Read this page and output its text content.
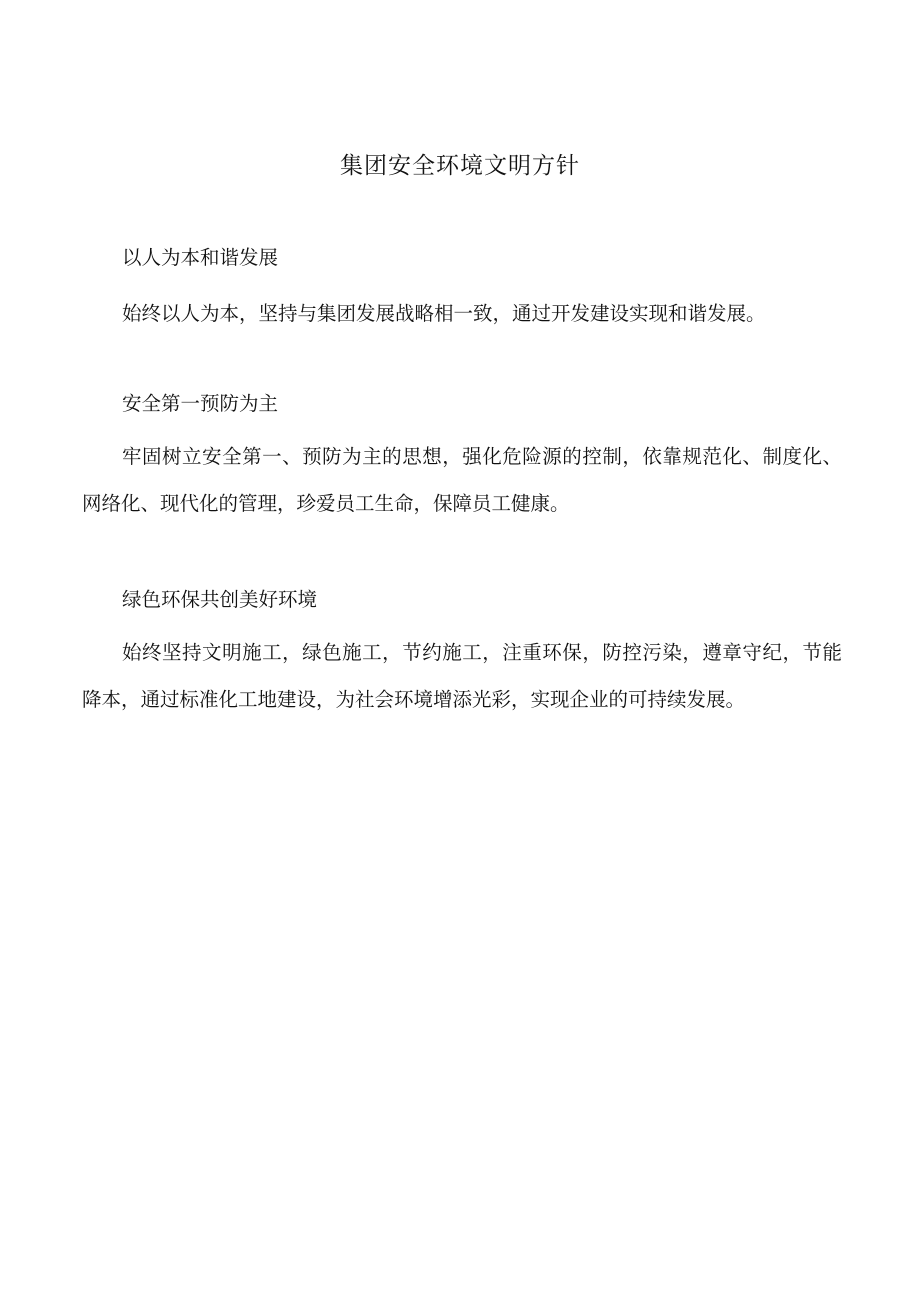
集团安全环境文明方针

以人为本和谐发展

始终以人为本，坚持与集团发展战略相一致，通过开发建设实现和谐发展。

安全第一预防为主

牢固树立安全第一、预防为主的思想，强化危险源的控制，依靠规范化、制度化、网络化、现代化的管理，珍爱员工生命，保障员工健康。

绿色环保共创美好环境

始终坚持文明施工，绿色施工，节约施工，注重环保，防控污染，遵章守纪，节能降本，通过标准化工地建设，为社会环境增添光彩，实现企业的可持续发展。
